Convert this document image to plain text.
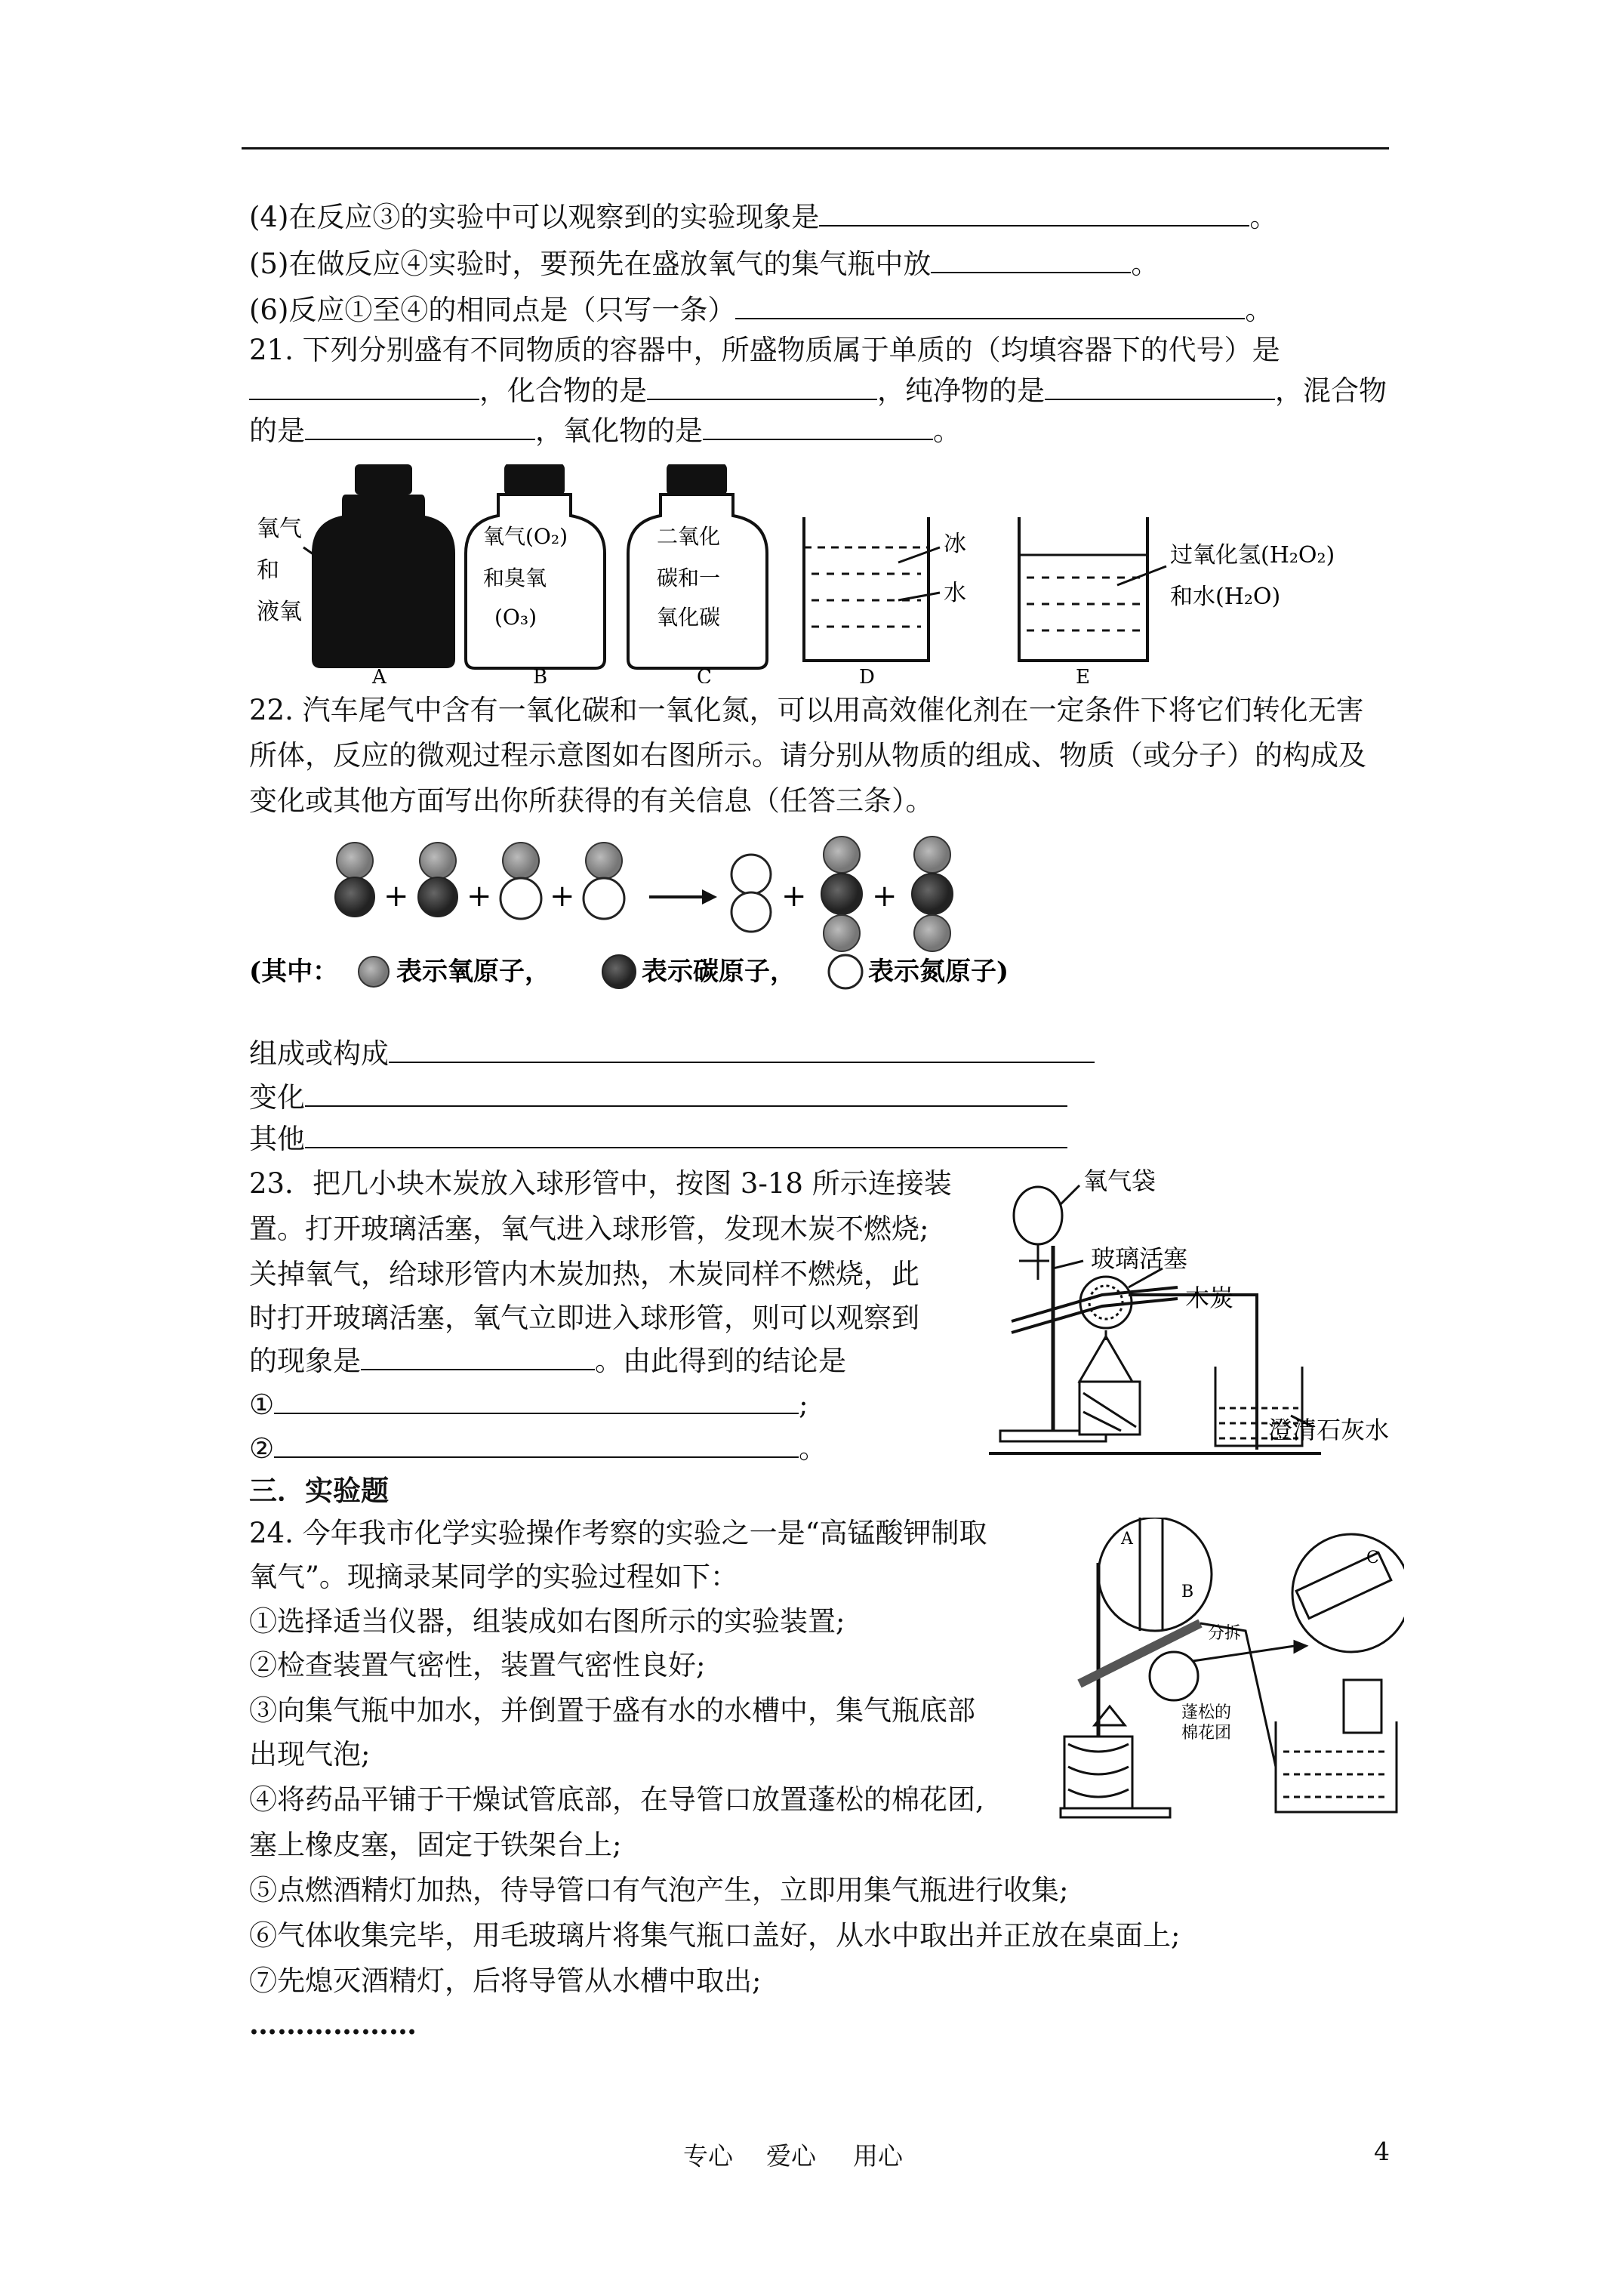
(4)在反应③的实验中可以观察到的实验现象是	。
(5)在做反应④实验时，要预先在盛放氧气的集气瓶中放	。
(6)反应①至④的相同点是（只写一条）	。
21. 下列分别盛有不同物质的容器中，所盛物质属于单质的（均填容器下的代号）是
，化合物的是	，纯净物的是	，混合物
的是	，氧化物的是	。
氧气
和
液氧
氧气(O₂)
和臭氧
(O₃)
二氧化
碳和一
氧化碳
冰
水
过氧化氢(H₂O₂)
和水(H₂O)
A	B	C	D	E
22. 汽车尾气中含有一氧化碳和一氧化氮，可以用高效催化剂在一定条件下将它们转化无害
所体，反应的微观过程示意图如右图所示。请分别从物质的组成、物质（或分子）的构成及
变化或其他方面写出你所获得的有关信息（任答三条）。
+ + +	+ +
(其中： 表示氧原子，	表示碳原子，	表示氮原子)
组成或构成
变化
其他
23．把几小块木炭放入球形管中，按图 3-18 所示连接装
置。打开玻璃活塞，氧气进入球形管，发现木炭不燃烧;
关掉氧气，给球形管内木炭加热，木炭同样不燃烧，此
时打开玻璃活塞，氧气立即进入球形管，则可以观察到
的现象是	。由此得到的结论是
①	;
②	。
氧气袋
玻璃活塞
木炭
澄清石灰水
三．实验题
24. 今年我市化学实验操作考察的实验之一是“高锰酸钾制取
氧气”。现摘录某同学的实验过程如下：
①选择适当仪器，组装成如右图所示的实验装置;
②检查装置气密性，装置气密性良好;
③向集气瓶中加水，并倒置于盛有水的水槽中，集气瓶底部
出现气泡;
④将药品平铺于干燥试管底部，在导管口放置蓬松的棉花团,
塞上橡皮塞，固定于铁架台上;
⑤点燃酒精灯加热，待导管口有气泡产生，立即用集气瓶进行收集;
⑥气体收集完毕，用毛玻璃片将集气瓶口盖好，从水中取出并正放在桌面上;
⑦先熄灭酒精灯，后将导管从水槽中取出;
………………
A
B
C
分拆
蓬松的
棉花团
专心 爱心 用心	4
